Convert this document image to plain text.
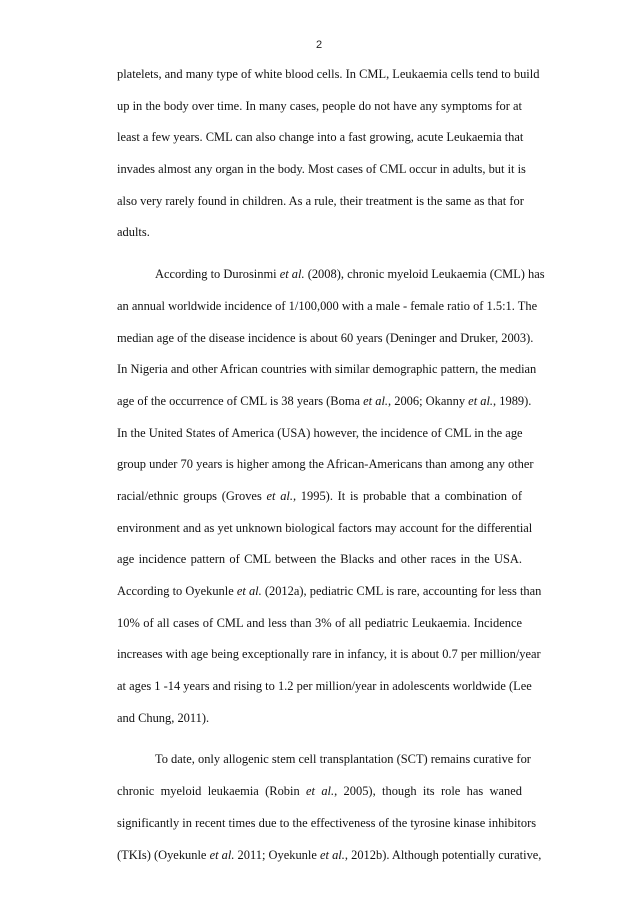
2
platelets, and many type of white blood cells. In CML, Leukaemia cells tend to build
up in the body over time. In many cases, people do not have any symptoms for at
least a few years. CML can also change into a fast growing, acute Leukaemia that
invades almost any organ in the body. Most cases of CML occur in adults, but it is
also very rarely found in children. As a rule, their treatment is the same as that for
adults.
According to Durosinmi et al. (2008), chronic myeloid Leukaemia (CML) has
an annual worldwide incidence of 1/100,000 with a male - female ratio of 1.5:1. The
median age of the disease incidence is about 60 years (Deninger and Druker, 2003).
In Nigeria and other African countries with similar demographic pattern, the median
age of the occurrence of CML is 38 years (Boma et al., 2006; Okanny et al., 1989).
In the United States of America (USA) however, the incidence of CML in the age
group under 70 years is higher among the African-Americans than among any other
racial/ethnic groups (Groves et al., 1995). It is probable that a combination of
environment and as yet unknown biological factors may account for the differential
age incidence pattern of CML between the Blacks and other races in the USA.
According to Oyekunle et al. (2012a), pediatric CML is rare, accounting for less than
10% of all cases of CML and less than 3% of all pediatric Leukaemia. Incidence
increases with age being exceptionally rare in infancy, it is about 0.7 per million/year
at ages 1 -14 years and rising to 1.2 per million/year in adolescents worldwide (Lee
and Chung, 2011).
To date, only allogenic stem cell transplantation (SCT) remains curative for
chronic myeloid leukaemia (Robin et al., 2005), though its role has waned
significantly in recent times due to the effectiveness of the tyrosine kinase inhibitors
(TKIs) (Oyekunle et al. 2011; Oyekunle et al., 2012b). Although potentially curative,
